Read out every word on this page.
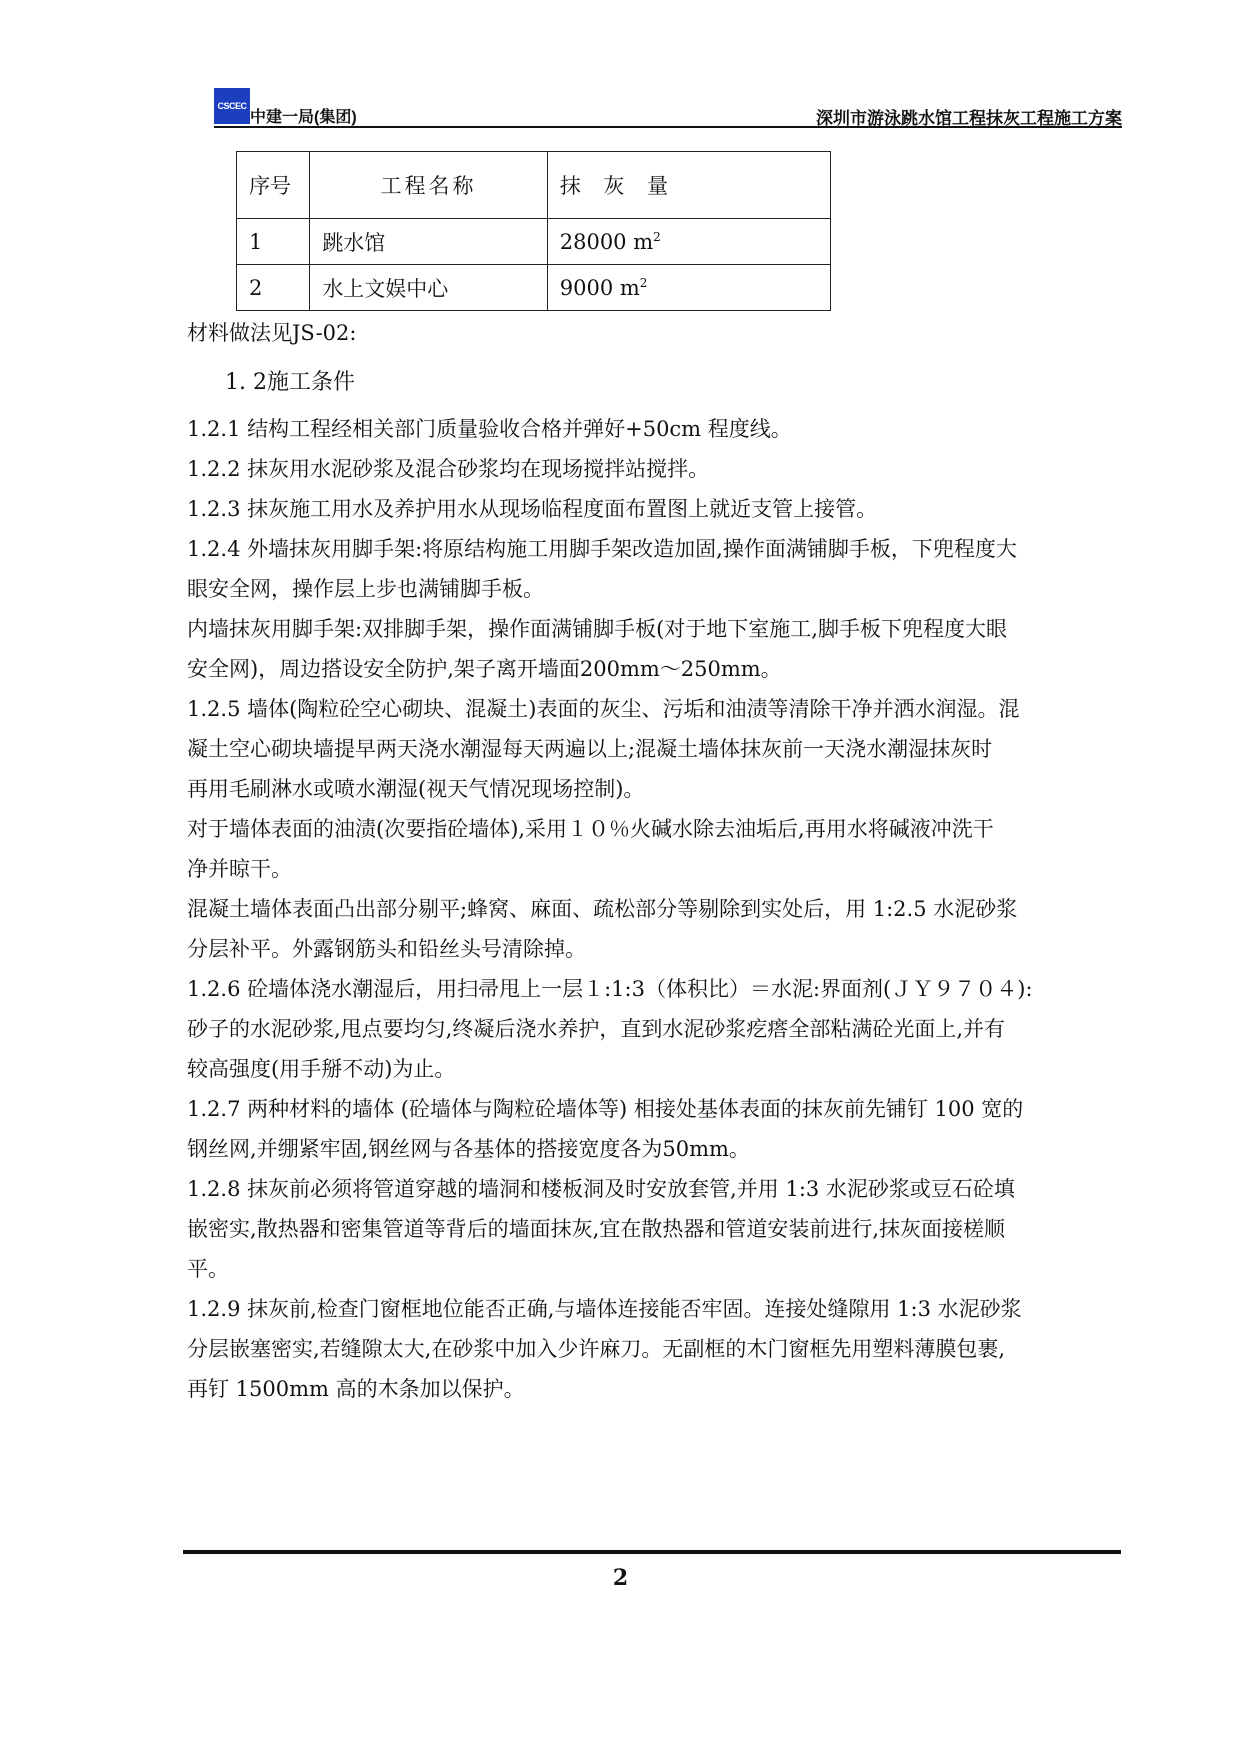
CSCEC
中建一局(集团)	深圳市游泳跳水馆工程抹灰工程施工方案
序号	工程名称	抹 灰 量
1	跳水馆	28000 $m^2$
2	水上文娱中心	9000 $m^2$

材料做法见JS-02:

1. 2施工条件

1.2.1 结构工程经相关部门质量验收合格并弹好+50cm 程度线。

1.2.2 抹灰用水泥砂浆及混合砂浆均在现场搅拌站搅拌。

1.2.3 抹灰施工用水及养护用水从现场临程度面布置图上就近支管上接管。

1.2.4 外墙抹灰用脚手架:将原结构施工用脚手架改造加固,操作面满铺脚手板，下兜程度大

眼安全网，操作层上步也满铺脚手板。

内墙抹灰用脚手架:双排脚手架，操作面满铺脚手板(对于地下室施工,脚手板下兜程度大眼

安全网)，周边搭设安全防护,架子离开墙面200mm～250mm。

1.2.5 墙体(陶粒砼空心砌块、混凝土)表面的灰尘、污垢和油渍等清除干净并洒水润湿。混

凝土空心砌块墙提早两天浇水潮湿每天两遍以上;混凝土墙体抹灰前一天浇水潮湿抹灰时

再用毛刷淋水或喷水潮湿(视天气情况现场控制)。

对于墙体表面的油渍(次要指砼墙体),采用１０％火碱水除去油垢后,再用水将碱液冲洗干

净并晾干。

混凝土墙体表面凸出部分剔平;蜂窝、麻面、疏松部分等剔除到实处后，用 1:2.5 水泥砂浆

分层补平。外露钢筋头和铅丝头号清除掉。

1.2.6 砼墙体浇水潮湿后，用扫帚甩上一层１:1:3（体积比）＝水泥:界面剂(ＪＹ９７０４):

砂子的水泥砂浆,甩点要均匀,终凝后浇水养护，直到水泥砂浆疙瘩全部粘满砼光面上,并有

较高强度(用手掰不动)为止。

1.2.7 两种材料的墙体 (砼墙体与陶粒砼墙体等) 相接处基体表面的抹灰前先铺钉 100 宽的

钢丝网,并绷紧牢固,钢丝网与各基体的搭接宽度各为50mm。

1.2.8 抹灰前必须将管道穿越的墙洞和楼板洞及时安放套管,并用 1:3 水泥砂浆或豆石砼填

嵌密实,散热器和密集管道等背后的墙面抹灰,宜在散热器和管道安装前进行,抹灰面接槎顺

平。

1.2.9 抹灰前,检查门窗框地位能否正确,与墙体连接能否牢固。连接处缝隙用 1:3 水泥砂浆

分层嵌塞密实,若缝隙太大,在砂浆中加入少许麻刀。无副框的木门窗框先用塑料薄膜包裹,

再钉 1500mm 高的木条加以保护。

2
